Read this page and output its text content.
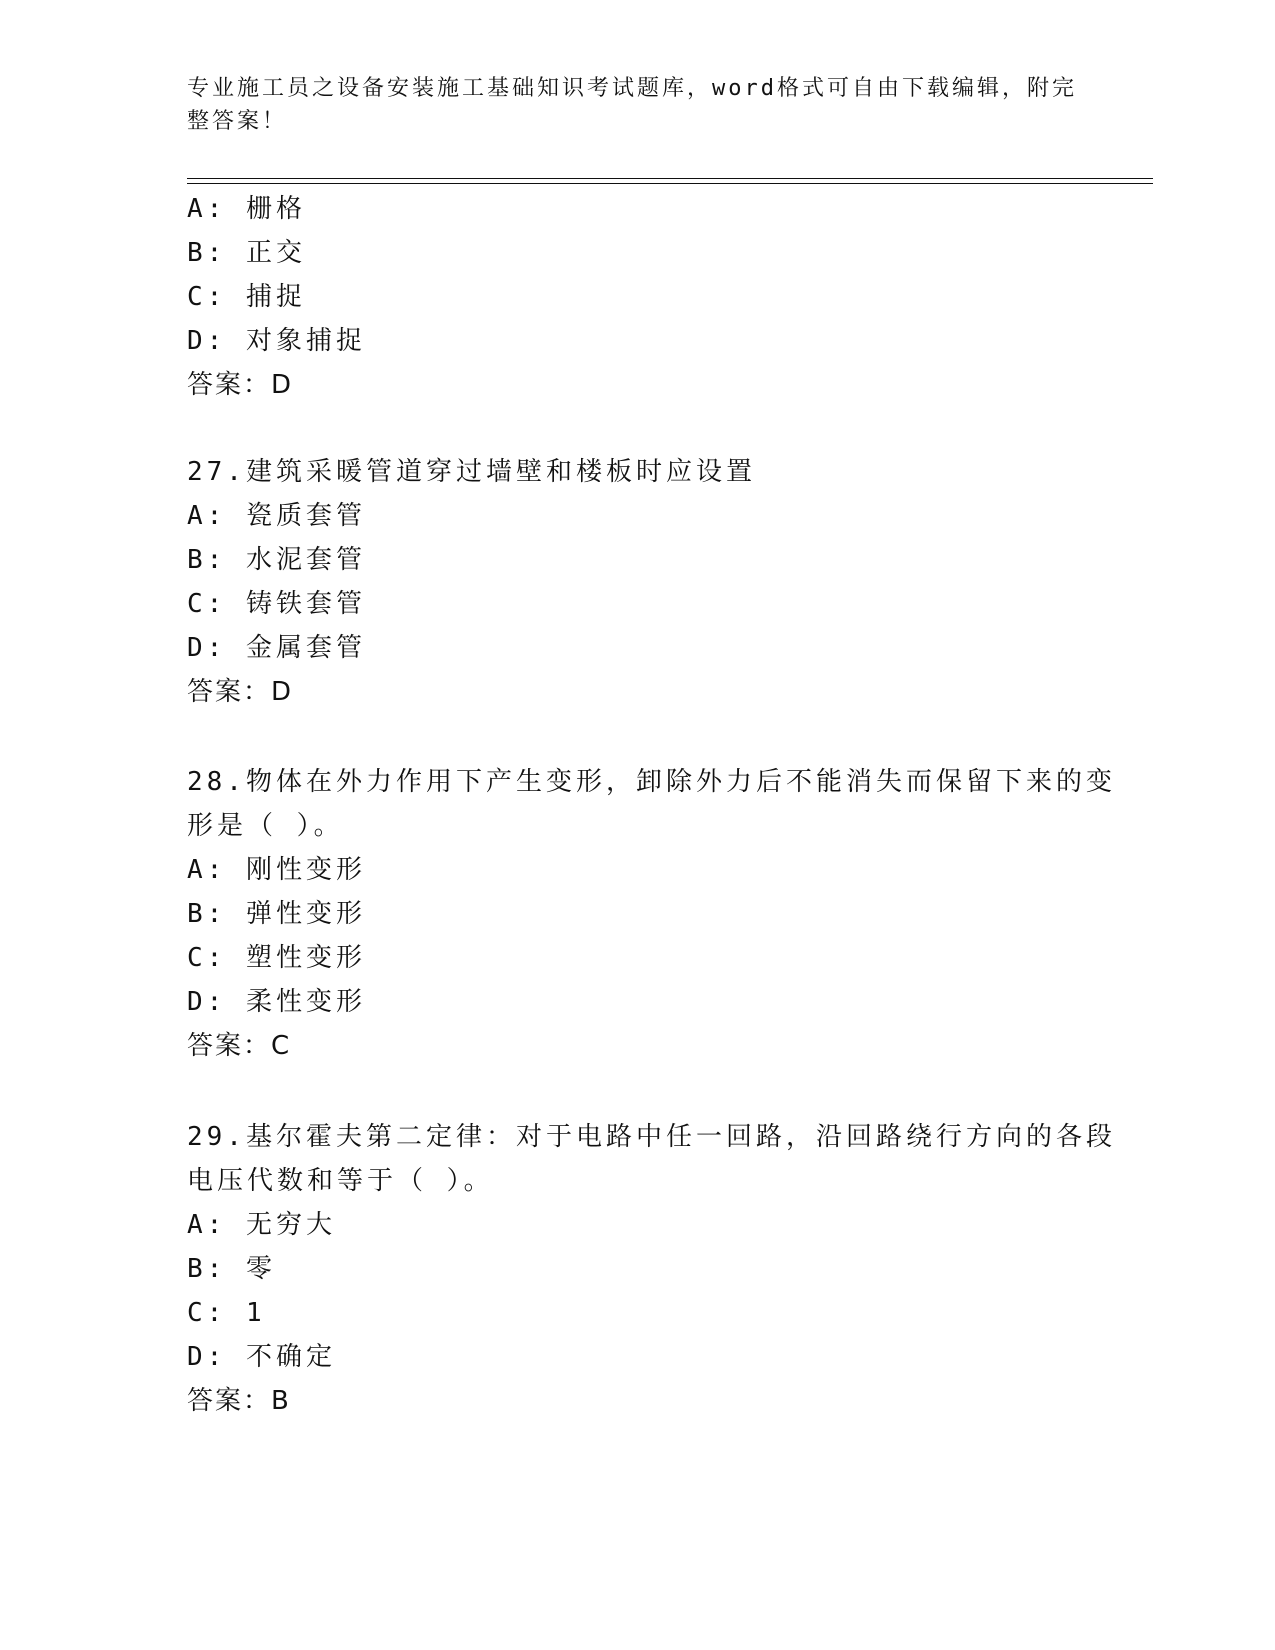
专业施工员之设备安装施工基础知识考试题库，word格式可自由下载编辑，附完整答案！
A: 栅格
B: 正交
C: 捕捉
D: 对象捕捉
答案：D
27.建筑采暖管道穿过墙壁和楼板时应设置
A: 瓷质套管
B: 水泥套管
C: 铸铁套管
D: 金属套管
答案：D
28.物体在外力作用下产生变形，卸除外力后不能消失而保留下来的变
形是（ ）。
A: 刚性变形
B: 弹性变形
C: 塑性变形
D: 柔性变形
答案：C
29.基尔霍夫第二定律：对于电路中任一回路，沿回路绕行方向的各段
电压代数和等于（ ）。
A: 无穷大
B: 零
C: 1
D: 不确定
答案：B
